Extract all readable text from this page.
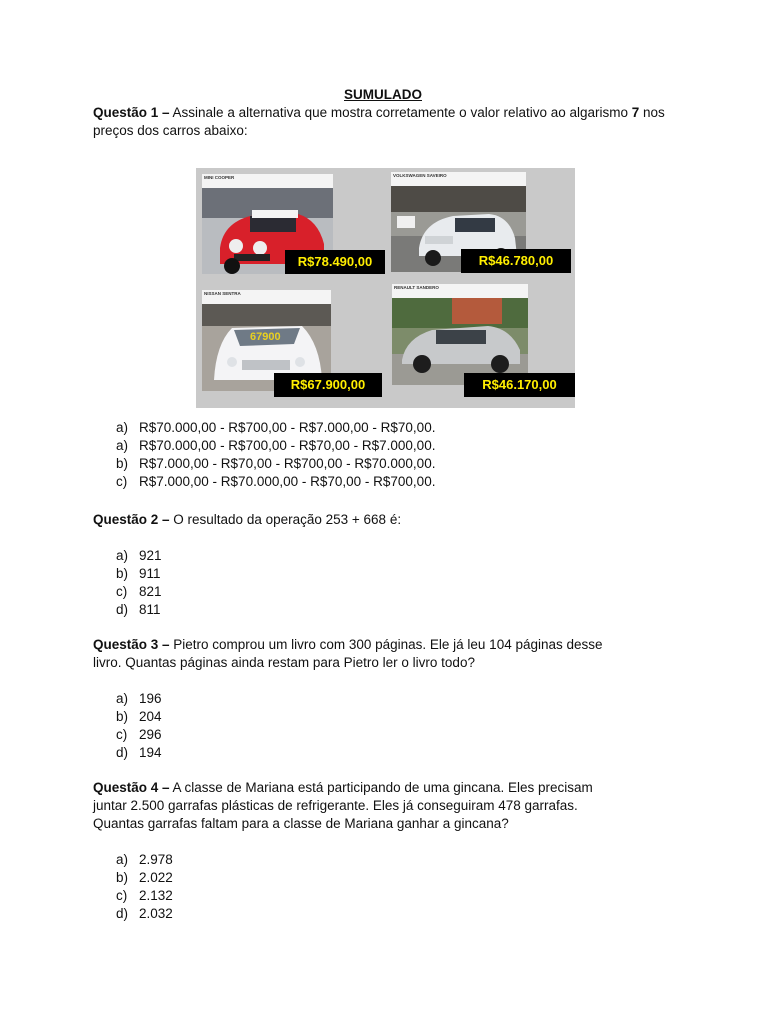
SUMULADO

Questão 1 – Assinale a alternativa que mostra corretamente o valor relativo ao algarismo 7 nos

preços dos carros abaixo:

a) R$70.000,00 - R$700,00 - R$7.000,00 - R$70,00.
a) R$70.000,00 - R$700,00 - R$70,00 - R$7.000,00.
b) R$7.000,00 - R$70,00 - R$700,00 - R$70.000,00.
c) R$7.000,00 - R$70.000,00 - R$70,00 - R$700,00.

Questão 2 – O resultado da operação 253 + 668 é:

a) 921
b) 911
c) 821
d) 811

Questão 3 – Pietro comprou um livro com 300 páginas. Ele já leu 104 páginas desse

livro. Quantas páginas ainda restam para Pietro ler o livro todo?

a) 196
b) 204
c) 296
d) 194

Questão 4 – A classe de Mariana está participando de uma gincana. Eles precisam

juntar 2.500 garrafas plásticas de refrigerante. Eles já conseguiram 478 garrafas.

Quantas garrafas faltam para a classe de Mariana ganhar a gincana?

a) 2.978
b) 2.022
c) 2.132
d) 2.032
MINI COOPER
R$78.490,00
VOLKSWAGEN SAVEIRO
R$46.780,00
NISSAN SENTRA
67900
R$67.900,00
RENAULT SANDERO
R$46.170,00
